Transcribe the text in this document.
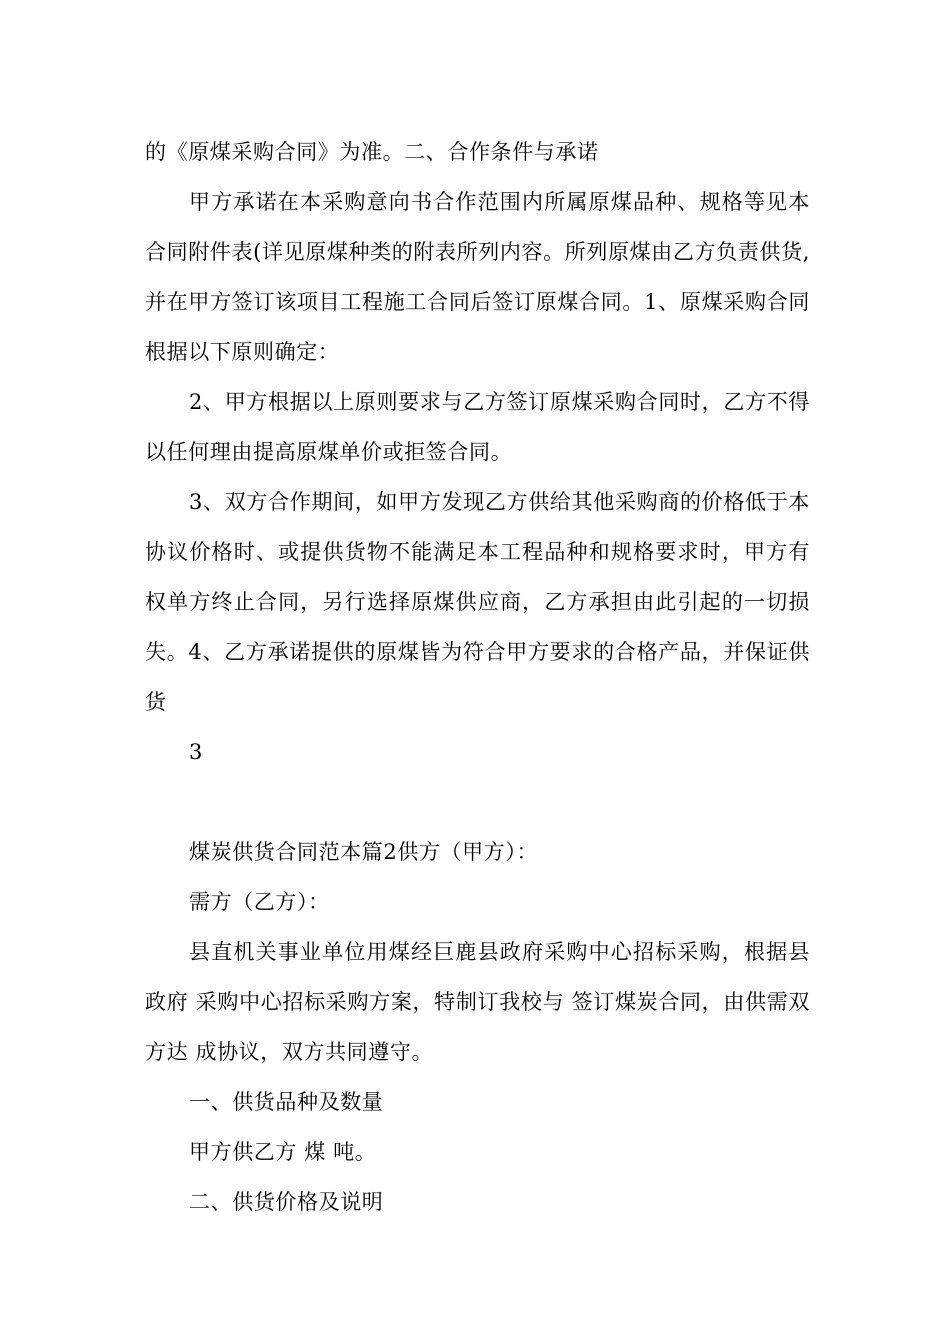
的《原煤采购合同》为准。二、合作条件与承诺

甲方承诺在本采购意向书合作范围内所属原煤品种、规格等见本合同附件表(详见原煤种类的附表所列内容。所列原煤由乙方负责供货,并在甲方签订该项目工程施工合同后签订原煤合同。1、原煤采购合同根据以下原则确定：

2、甲方根据以上原则要求与乙方签订原煤采购合同时，乙方不得以任何理由提高原煤单价或拒签合同。

3、双方合作期间，如甲方发现乙方供给其他采购商的价格低于本协议价格时、或提供货物不能满足本工程品种和规格要求时，甲方有权单方终止合同，另行选择原煤供应商，乙方承担由此引起的一切损失。4、乙方承诺提供的原煤皆为符合甲方要求的合格产品，并保证供货

3

煤炭供货合同范本篇2供方（甲方）：

需方（乙方）：

县直机关事业单位用煤经巨鹿县政府采购中心招标采购，根据县政府 采购中心招标采购方案，特制订我校与 签订煤炭合同，由供需双方达 成协议，双方共同遵守。

一、供货品种及数量

甲方供乙方 煤 吨。

二、供货价格及说明
